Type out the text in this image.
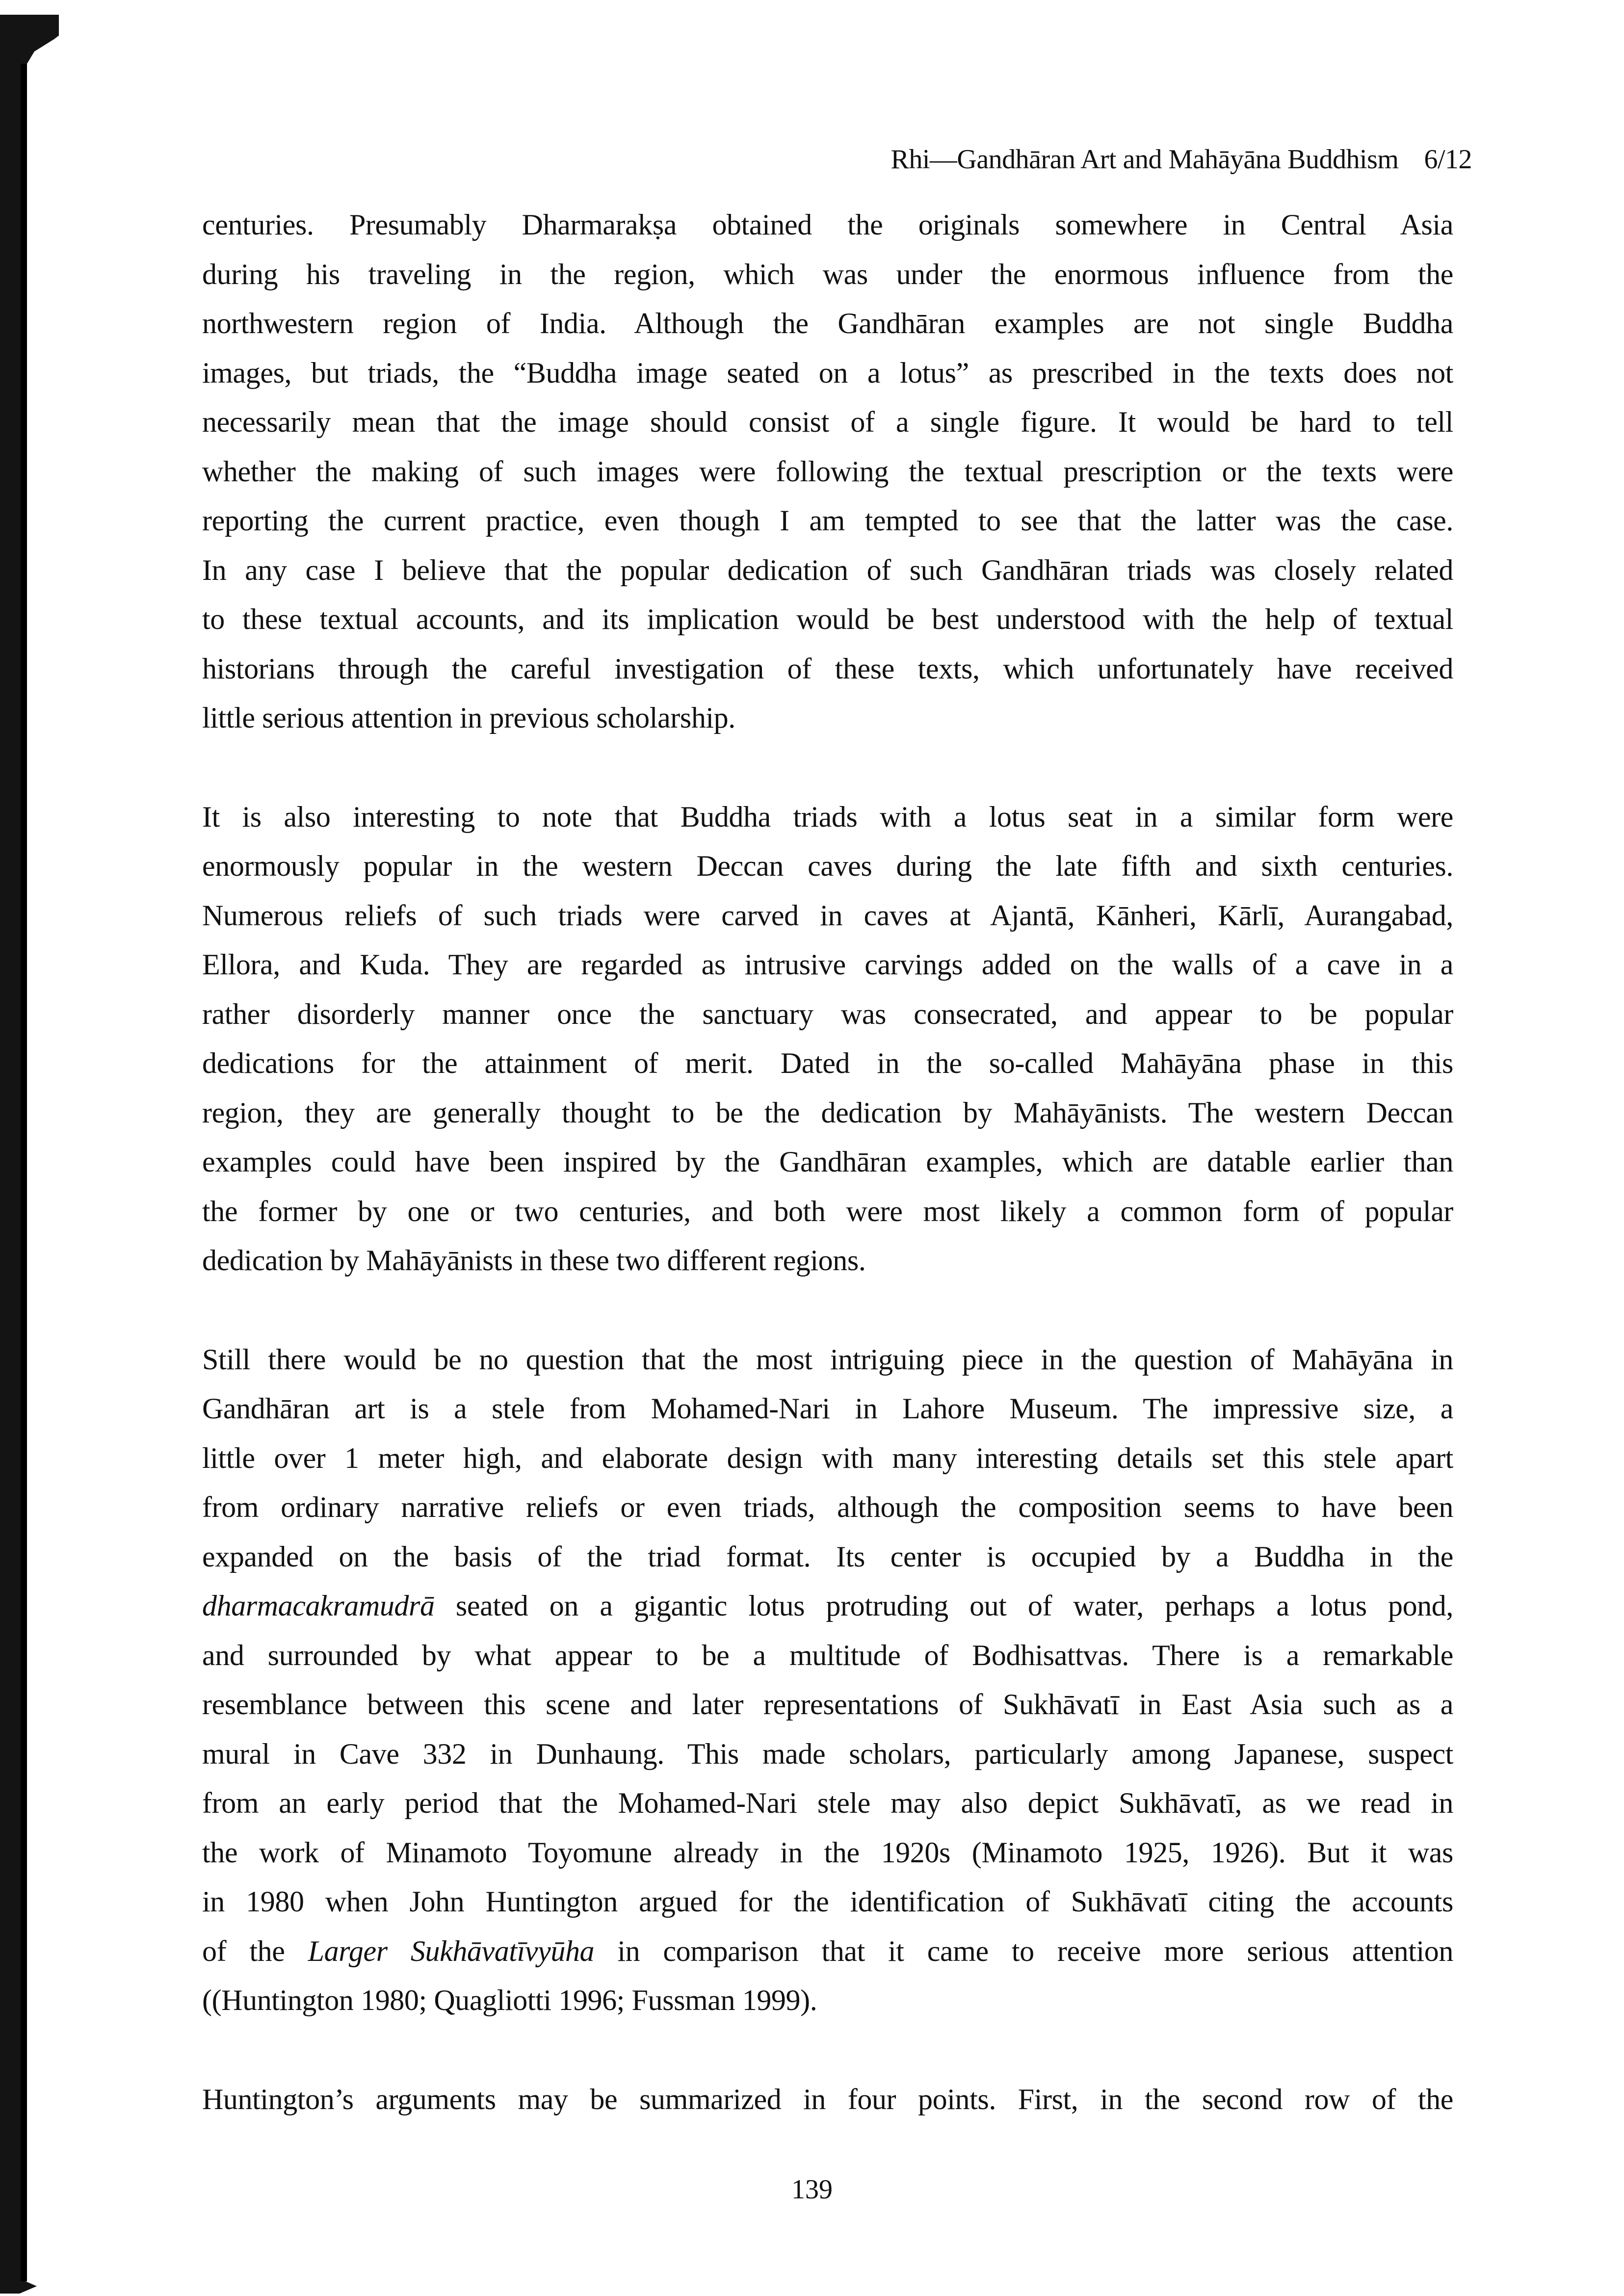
Rhi—Gandhāran Art and Mahāyāna Buddhism 6/12
centuries. Presumably Dharmarakṣa obtained the originals somewhere in Central Asia
during his traveling in the region, which was under the enormous influence from the
northwestern region of India. Although the Gandhāran examples are not single Buddha
images, but triads, the “Buddha image seated on a lotus” as prescribed in the texts does not
necessarily mean that the image should consist of a single figure. It would be hard to tell
whether the making of such images were following the textual prescription or the texts were
reporting the current practice, even though I am tempted to see that the latter was the case.
In any case I believe that the popular dedication of such Gandhāran triads was closely related
to these textual accounts, and its implication would be best understood with the help of textual
historians through the careful investigation of these texts, which unfortunately have received
little serious attention in previous scholarship.
It is also interesting to note that Buddha triads with a lotus seat in a similar form were
enormously popular in the western Deccan caves during the late fifth and sixth centuries.
Numerous reliefs of such triads were carved in caves at Ajantā, Kānheri, Kārlī, Aurangabad,
Ellora, and Kuda. They are regarded as intrusive carvings added on the walls of a cave in a
rather disorderly manner once the sanctuary was consecrated, and appear to be popular
dedications for the attainment of merit. Dated in the so-called Mahāyāna phase in this
region, they are generally thought to be the dedication by Mahāyānists. The western Deccan
examples could have been inspired by the Gandhāran examples, which are datable earlier than
the former by one or two centuries, and both were most likely a common form of popular
dedication by Mahāyānists in these two different regions.
Still there would be no question that the most intriguing piece in the question of Mahāyāna in
Gandhāran art is a stele from Mohamed-Nari in Lahore Museum. The impressive size, a
little over 1 meter high, and elaborate design with many interesting details set this stele apart
from ordinary narrative reliefs or even triads, although the composition seems to have been
expanded on the basis of the triad format. Its center is occupied by a Buddha in the
dharmacakramudrā seated on a gigantic lotus protruding out of water, perhaps a lotus pond,
and surrounded by what appear to be a multitude of Bodhisattvas. There is a remarkable
resemblance between this scene and later representations of Sukhāvatī in East Asia such as a
mural in Cave 332 in Dunhaung. This made scholars, particularly among Japanese, suspect
from an early period that the Mohamed-Nari stele may also depict Sukhāvatī, as we read in
the work of Minamoto Toyomune already in the 1920s (Minamoto 1925, 1926). But it was
in 1980 when John Huntington argued for the identification of Sukhāvatī citing the accounts
of the Larger Sukhāvatīvyūha in comparison that it came to receive more serious attention
((Huntington 1980; Quagliotti 1996; Fussman 1999).
Huntington’s arguments may be summarized in four points. First, in the second row of the
139
